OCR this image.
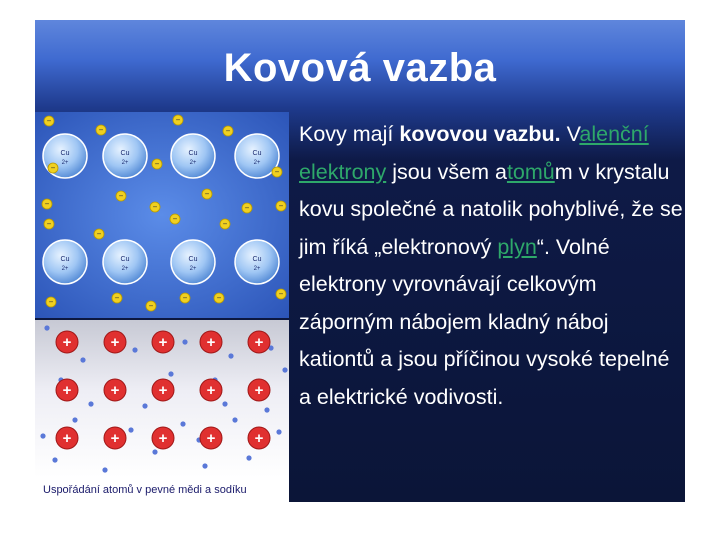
Kovová vazba
Cu
2+
Cu
2+
Cu
2+
Cu
2+
Cu
2+
Cu
2+
Cu
2+
Cu
2+
−
−
−
−
−	−
−
−
−
−
−
−	−
−
−
−
−
−	−
−
−	−
−
+	+	+	+	+
+	+	+	+	+
+	+	+	+	+
Uspořádání atomů v pevné mědi a sodíku
Kovy mají kovovou vazbu. Valenční elektrony jsou všem atomům v krystalu kovu společné a natolik pohyblivé, že se jim říká „elektronový plyn“. Volné elektrony vyrovnávají celkovým záporným nábojem kladný náboj kationtů a jsou příčinou vysoké tepelné a elektrické vodivosti.
